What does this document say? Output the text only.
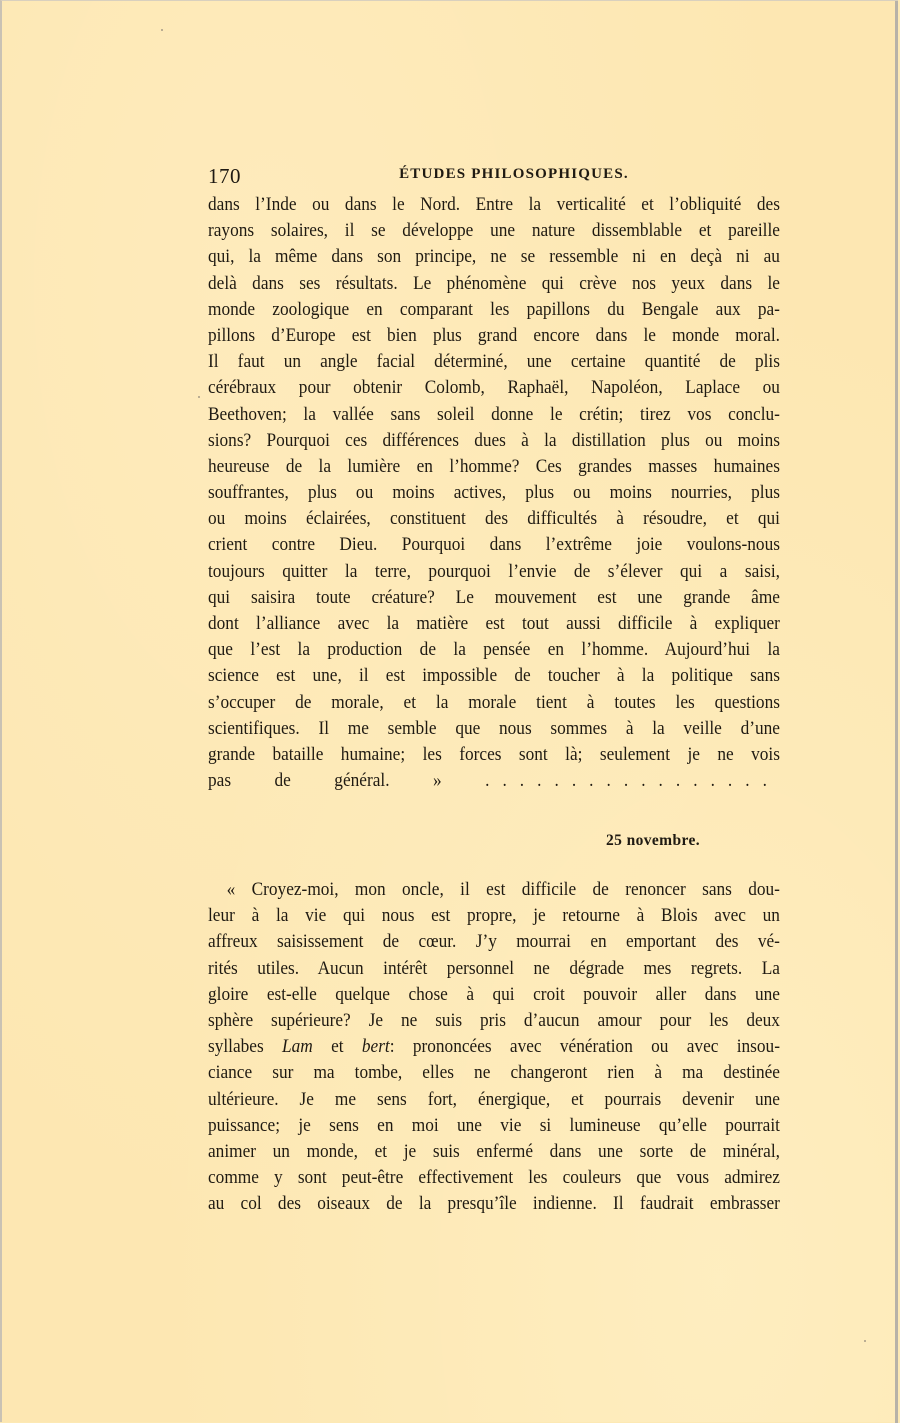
170	ÉTUDES PHILOSOPHIQUES.
dans l’Inde ou dans le Nord. Entre la verticalité et l’obliquité des
rayons solaires, il se développe une nature dissemblable et pareille
qui, la même dans son principe, ne se ressemble ni en deçà ni au
delà dans ses résultats. Le phénomène qui crève nos yeux dans le
monde zoologique en comparant les papillons du Bengale aux pa-
pillons d’Europe est bien plus grand encore dans le monde moral.
Il faut un angle facial déterminé, une certaine quantité de plis
cérébraux pour obtenir Colomb, Raphaël, Napoléon, Laplace ou
Beethoven; la vallée sans soleil donne le crétin; tirez vos conclu-
sions? Pourquoi ces différences dues à la distillation plus ou moins
heureuse de la lumière en l’homme? Ces grandes masses humaines
souffrantes, plus ou moins actives, plus ou moins nourries, plus
ou moins éclairées, constituent des difficultés à résoudre, et qui
crient contre Dieu. Pourquoi dans l’extrême joie voulons-nous
toujours quitter la terre, pourquoi l’envie de s’élever qui a saisi,
qui saisira toute créature? Le mouvement est une grande âme
dont l’alliance avec la matière est tout aussi difficile à expliquer
que l’est la production de la pensée en l’homme. Aujourd’hui la
science est une, il est impossible de toucher à la politique sans
s’occuper de morale, et la morale tient à toutes les questions
scientifiques. Il me semble que nous sommes à la veille d’une
grande bataille humaine; les forces sont là; seulement je ne vois
pas de général. » .................
25 novembre.
« Croyez-moi, mon oncle, il est difficile de renoncer sans dou-
leur à la vie qui nous est propre, je retourne à Blois avec un
affreux saisissement de cœur. J’y mourrai en emportant des vé-
rités utiles. Aucun intérêt personnel ne dégrade mes regrets. La
gloire est-elle quelque chose à qui croit pouvoir aller dans une
sphère supérieure? Je ne suis pris d’aucun amour pour les deux
syllabes Lam et bert: prononcées avec vénération ou avec insou-
ciance sur ma tombe, elles ne changeront rien à ma destinée
ultérieure. Je me sens fort, énergique, et pourrais devenir une
puissance; je sens en moi une vie si lumineuse qu’elle pourrait
animer un monde, et je suis enfermé dans une sorte de minéral,
comme y sont peut-être effectivement les couleurs que vous admirez
au col des oiseaux de la presqu’île indienne. Il faudrait embrasser
